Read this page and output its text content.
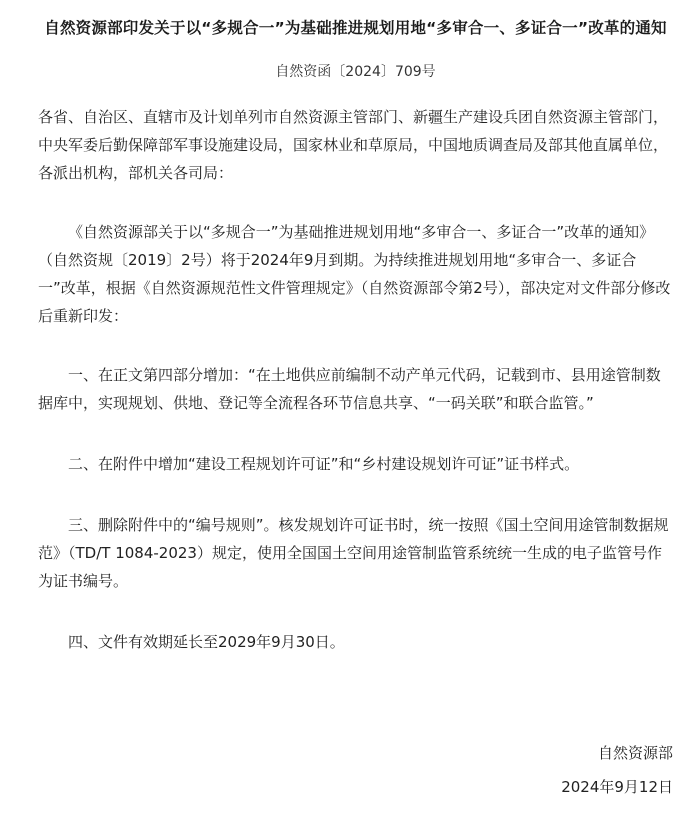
自然资源部印发关于以“多规合一”为基础推进规划用地“多审合一、多证合一”改革的通知

自然资函〔2024〕709号

各省、自治区、直辖市及计划单列市自然资源主管部门、新疆生产建设兵团自然资源主管部门，中央军委后勤保障部军事设施建设局，国家林业和草原局，中国地质调查局及部其他直属单位，各派出机构，部机关各司局：

《自然资源部关于以“多规合一”为基础推进规划用地“多审合一、多证合一”改革的通知》（自然资规〔2019〕2号）将于2024年9月到期。为持续推进规划用地“多审合一、多证合一”改革，根据《自然资源规范性文件管理规定》（自然资源部令第2号），部决定对文件部分修改后重新印发：

一、在正文第四部分增加：“在土地供应前编制不动产单元代码，记载到市、县用途管制数据库中，实现规划、供地、登记等全流程各环节信息共享、“一码关联”和联合监管。”

二、在附件中增加“建设工程规划许可证”和“乡村建设规划许可证”证书样式。

三、删除附件中的“编号规则”。核发规划许可证书时，统一按照《国土空间用途管制数据规范》（TD/T 1084-2023）规定，使用全国国土空间用途管制监管系统统一生成的电子监管号作为证书编号。

四、文件有效期延长至2029年9月30日。

自然资源部
2024年9月12日
